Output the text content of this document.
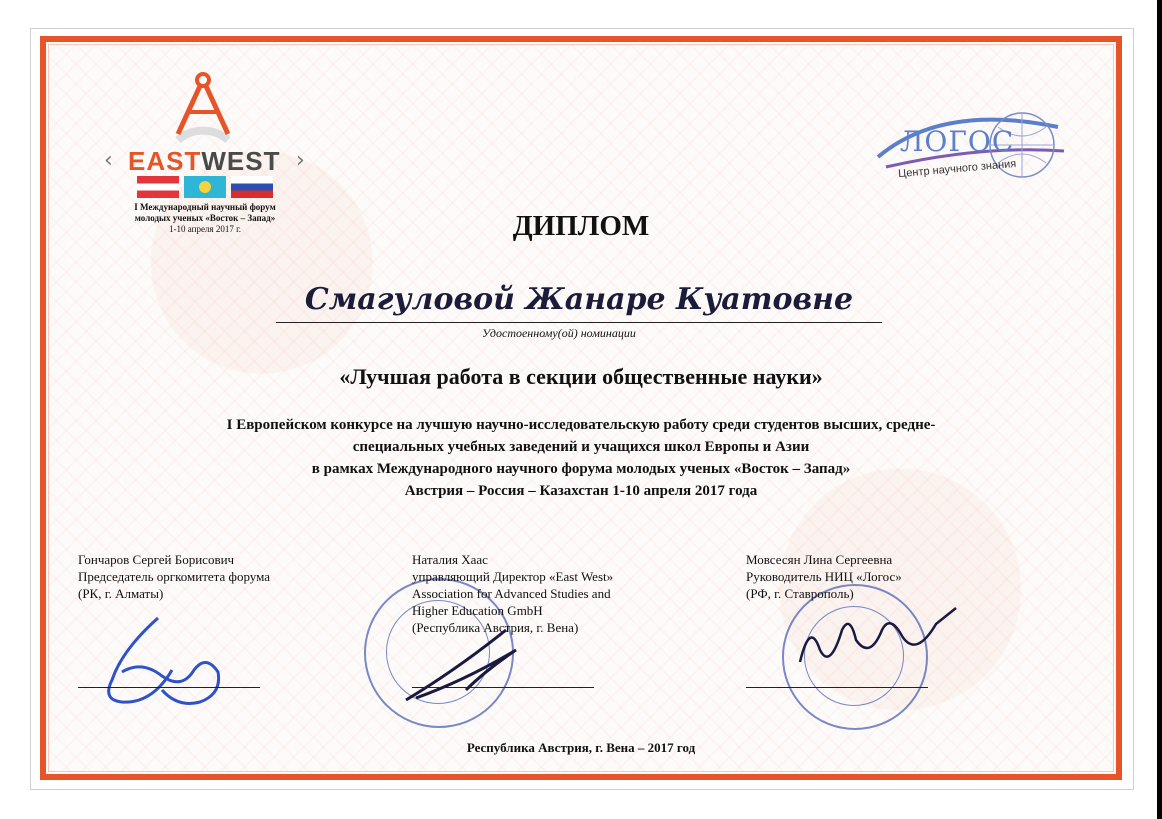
‹ EASTWEST ›
I Международный научный форум
молодых ученых «Восток – Запад»
1-10 апреля 2017 г.
ЛОГОС
Центр научного знания
ДИПЛОМ
Смагуловой Жанаре Куатовне
Удостоенному(ой) номинации
«Лучшая работа в секции общественные науки»
I Европейском конкурсе на лучшую научно-исследовательскую работу среди студентов высших, средне-
специальных учебных заведений и учащихся школ Европы и Азии
в рамках Международного научного форума молодых ученых «Восток – Запад»
Австрия – Россия – Казахстан 1-10 апреля 2017 года
Гончаров Сергей Борисович
Председатель оргкомитета форума
(РК, г. Алматы)
Наталия Хаас
управляющий Директор «East West»
Association for Advanced Studies and
Higher Education GmbH
(Республика Австрия, г. Вена)
Мовсесян Лина Сергеевна
Руководитель НИЦ «Логос»
(РФ, г. Ставрополь)
Республика Австрия, г. Вена – 2017 год
